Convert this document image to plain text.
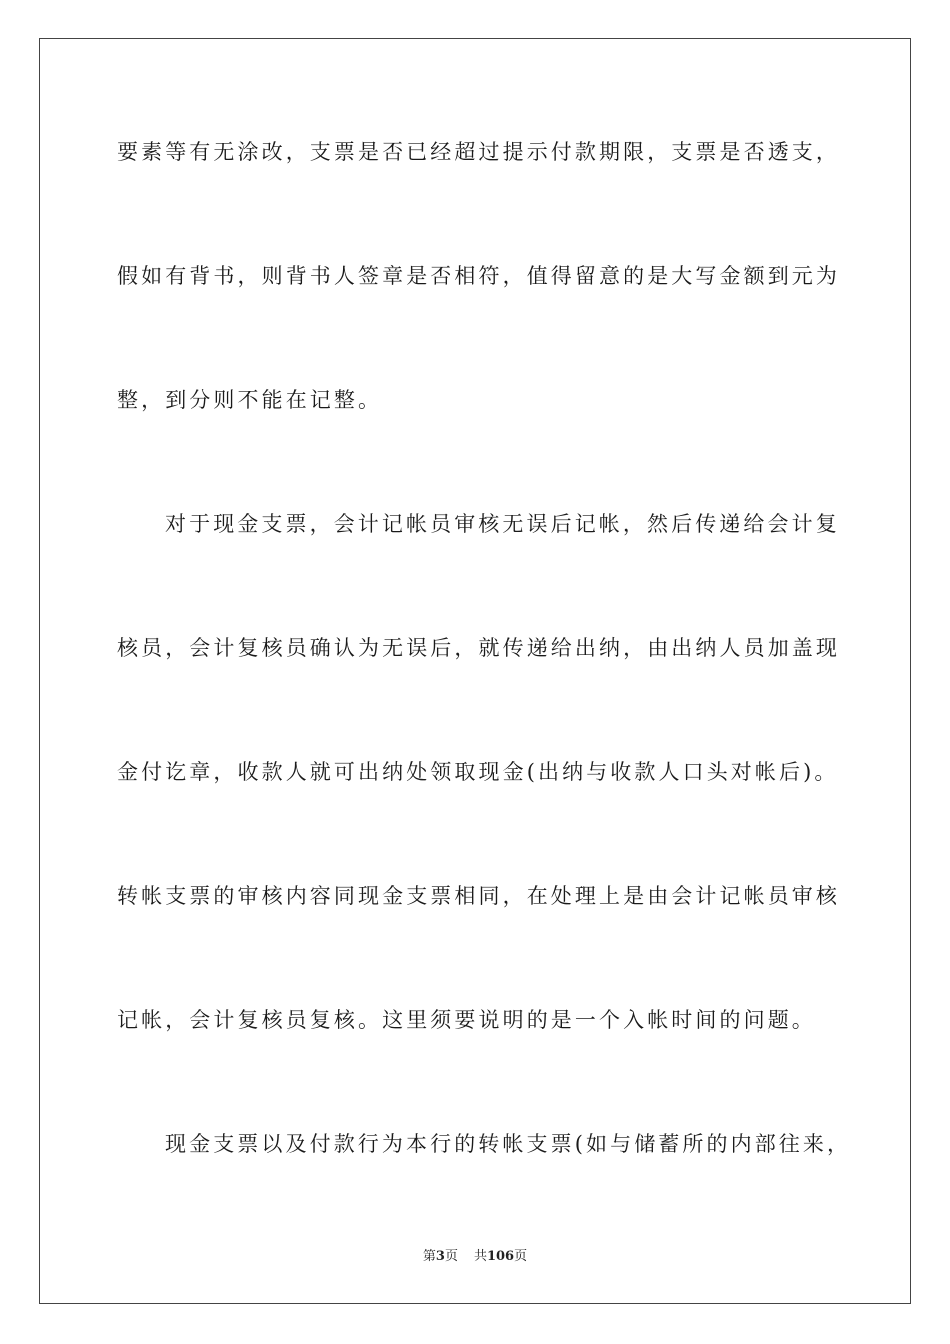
要素等有无涂改，支票是否已经超过提示付款期限，支票是否透支，
假如有背书，则背书人签章是否相符，值得留意的是大写金额到元为
整，到分则不能在记整。
对于现金支票，会计记帐员审核无误后记帐，然后传递给会计复
核员，会计复核员确认为无误后，就传递给出纳，由出纳人员加盖现
金付讫章，收款人就可出纳处领取现金(出纳与收款人口头对帐后)。
转帐支票的审核内容同现金支票相同，在处理上是由会计记帐员审核
记帐，会计复核员复核。这里须要说明的是一个入帐时间的问题。
现金支票以及付款行为本行的转帐支票(如与储蓄所的内部往来，
第3页 共106页
